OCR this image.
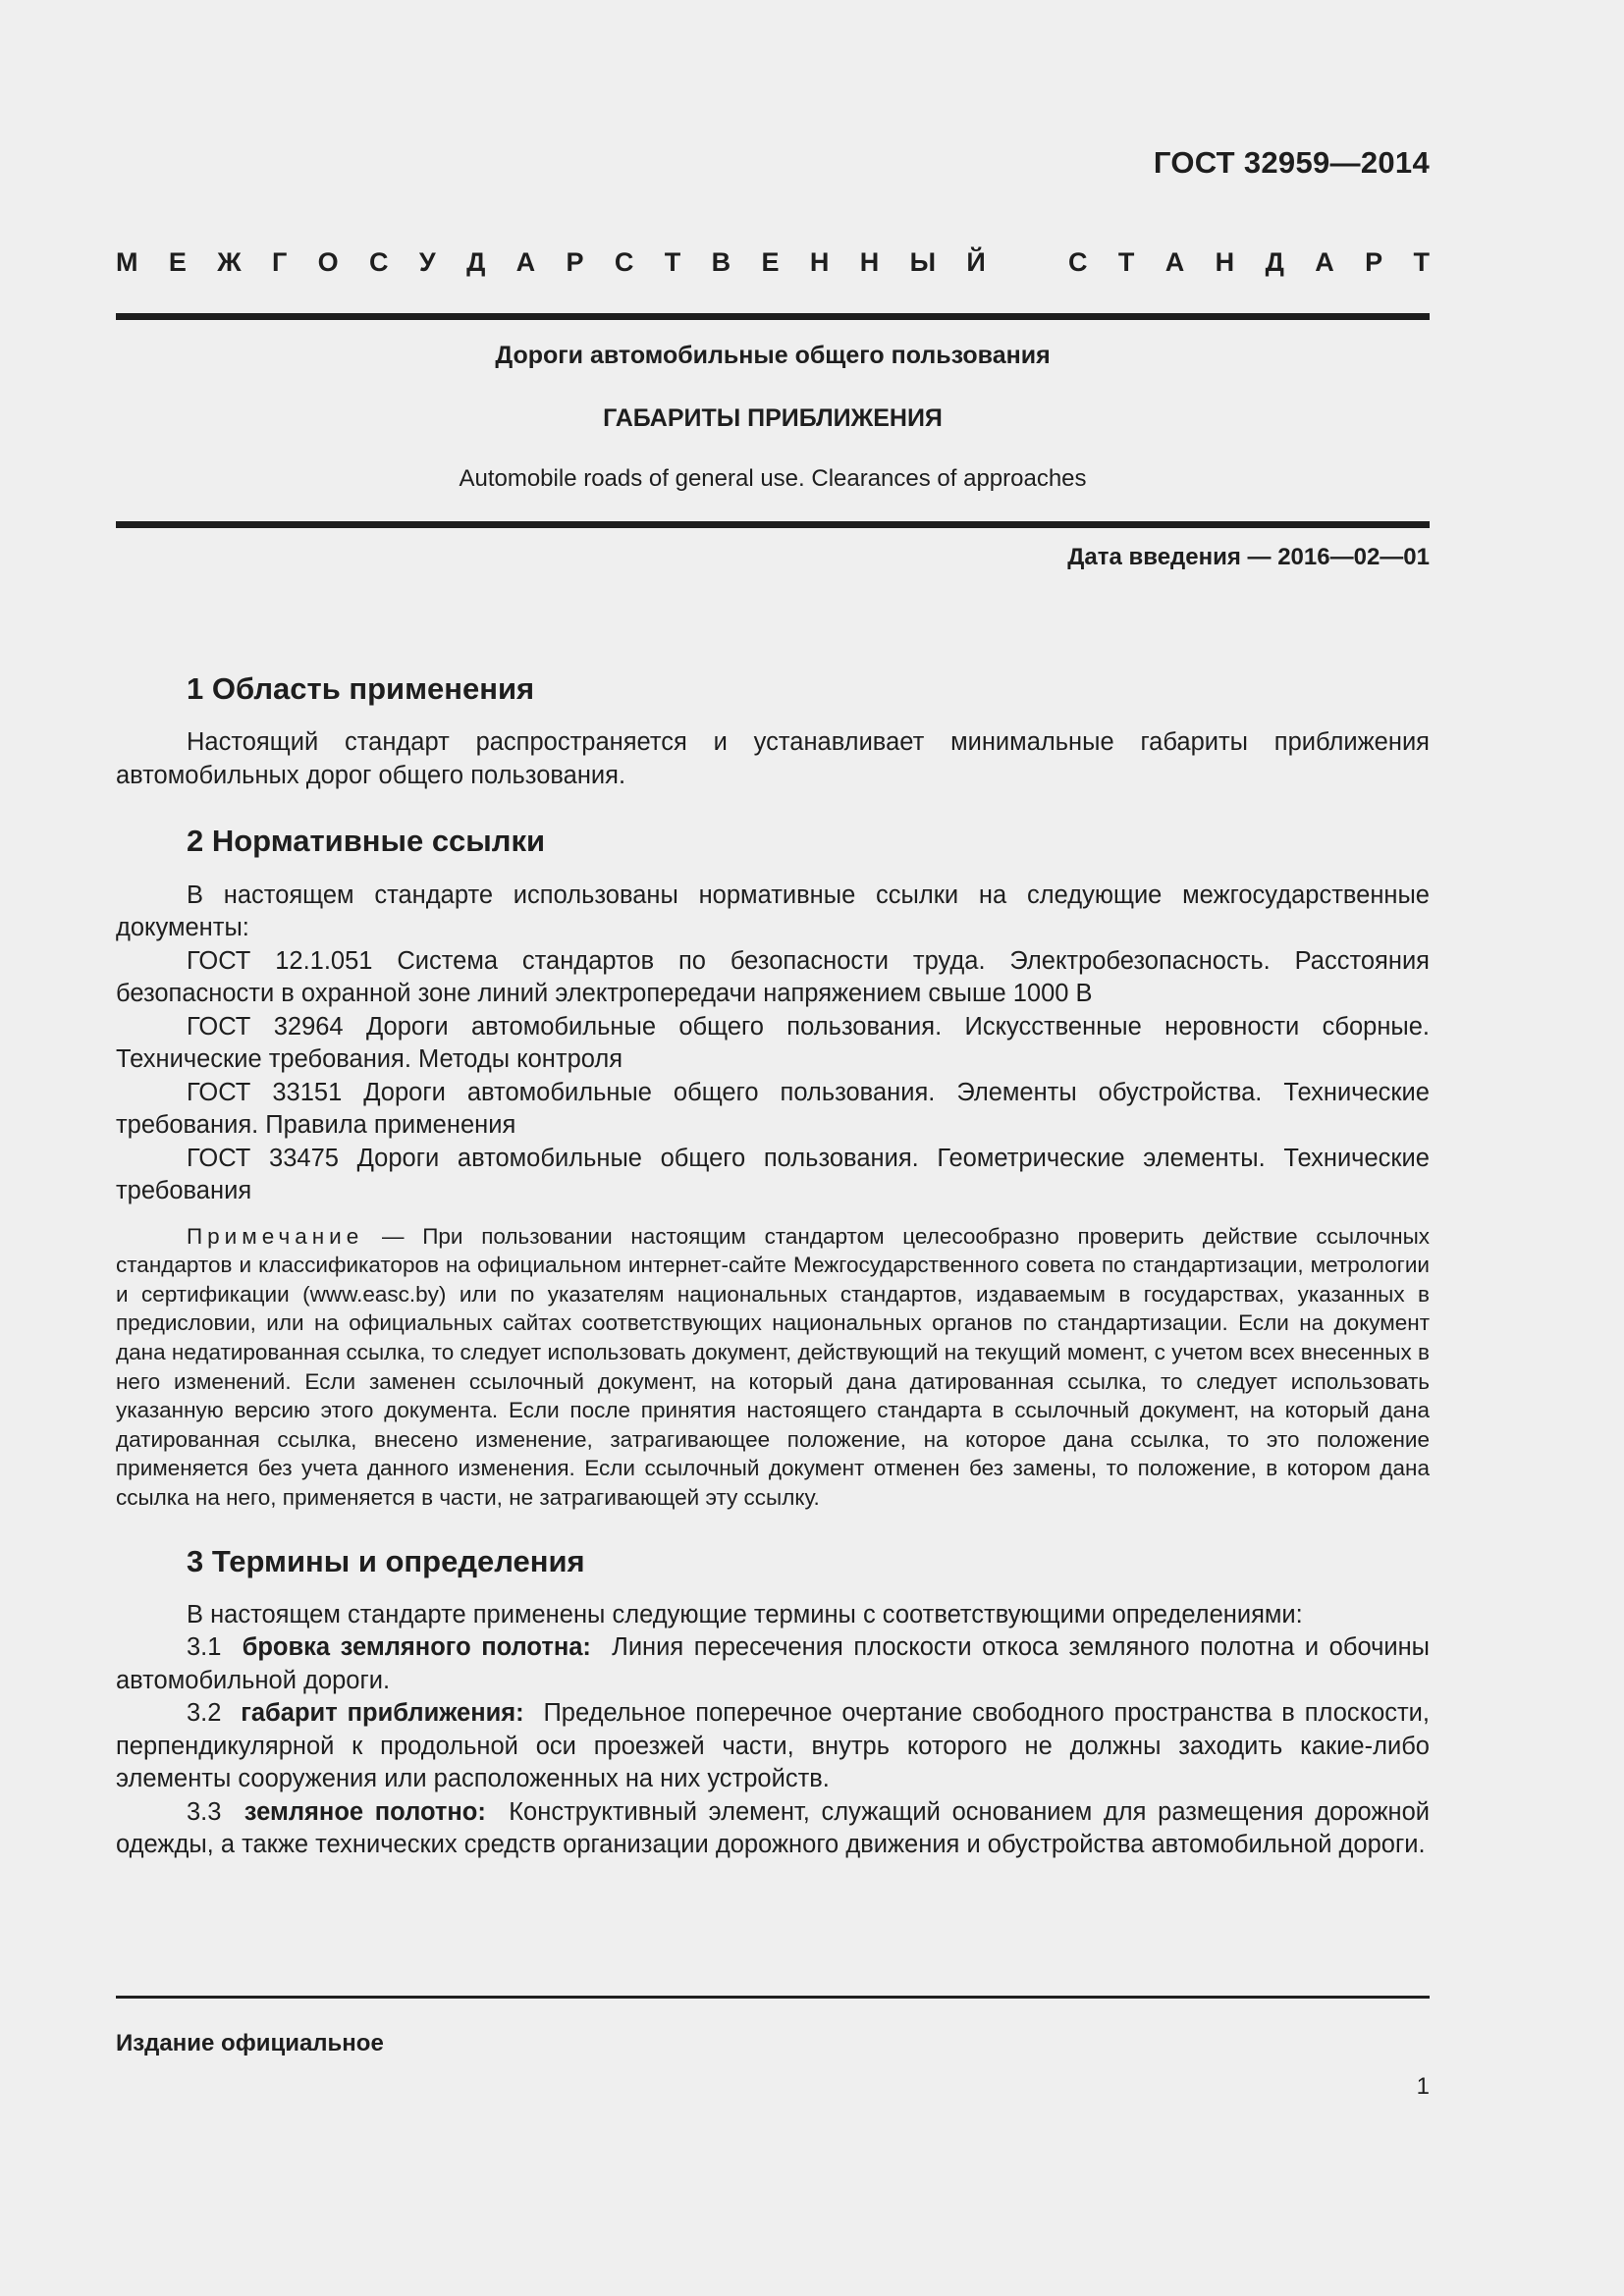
ГОСТ 32959—2014
М Е Ж Г О С У Д А Р С Т В Е Н Н Ы Й	С Т А Н Д А Р Т
Дороги автомобильные общего пользования
ГАБАРИТЫ ПРИБЛИЖЕНИЯ
Automobile roads of general use. Clearances of approaches
Дата введения — 2016—02—01
1 Область применения

Настоящий стандарт распространяется и устанавливает минимальные габариты приближения автомобильных дорог общего пользования.

2 Нормативные ссылки

В настоящем стандарте использованы нормативные ссылки на следующие межгосударственные документы:

ГОСТ 12.1.051 Система стандартов по безопасности труда. Электробезопасность. Расстояния безопасности в охранной зоне линий электропередачи напряжением свыше 1000 В

ГОСТ 32964 Дороги автомобильные общего пользования. Искусственные неровности сборные. Технические требования. Методы контроля

ГОСТ 33151 Дороги автомобильные общего пользования. Элементы обустройства. Технические требования. Правила применения

ГОСТ 33475 Дороги автомобильные общего пользования. Геометрические элементы. Технические требования

Примечание — При пользовании настоящим стандартом целесообразно проверить действие ссылочных стандартов и классификаторов на официальном интернет-сайте Межгосударственного совета по стандартизации, метрологии и сертификации (www.easc.by) или по указателям национальных стандартов, издаваемым в государствах, указанных в предисловии, или на официальных сайтах соответствующих национальных органов по стандартизации. Если на документ дана недатированная ссылка, то следует использовать документ, действующий на текущий момент, с учетом всех внесенных в него изменений. Если заменен ссылочный документ, на который дана датированная ссылка, то следует использовать указанную версию этого документа. Если после принятия настоящего стандарта в ссылочный документ, на который дана датированная ссылка, внесено изменение, затрагивающее положение, на которое дана ссылка, то это положение применяется без учета данного изменения. Если ссылочный документ отменен без замены, то положение, в котором дана ссылка на него, применяется в части, не затрагивающей эту ссылку.
3 Термины и определения

В настоящем стандарте применены следующие термины с соответствующими определениями:

3.1 бровка земляного полотна: Линия пересечения плоскости откоса земляного полотна и обочины автомобильной дороги.

3.2 габарит приближения: Предельное поперечное очертание свободного пространства в плоскости, перпендикулярной к продольной оси проезжей части, внутрь которого не должны заходить какие-либо элементы сооружения или расположенных на них устройств.

3.3 земляное полотно: Конструктивный элемент, служащий основанием для размещения дорожной одежды, а также технических средств организации дорожного движения и обустройства автомобильной дороги.

Издание официальное
1
